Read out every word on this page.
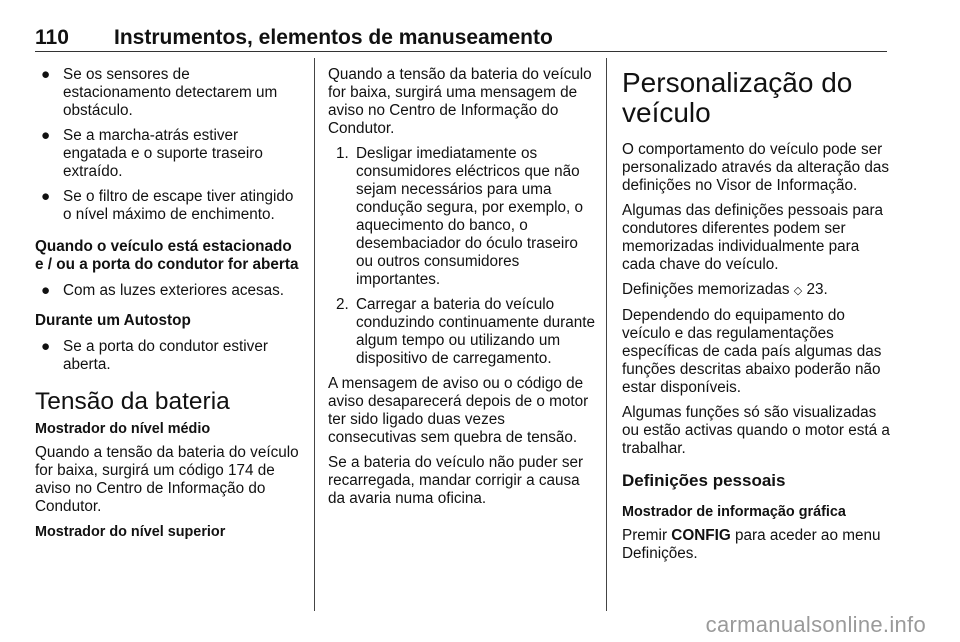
110 Instrumentos, elementos de manuseamento
● Se os sensores de estacionamento detectarem um obstáculo.
● Se a marcha-atrás estiver engatada e o suporte traseiro extraído.
● Se o filtro de escape tiver atingido o nível máximo de enchimento.
Quando o veículo está estacionado e / ou a porta do condutor for aberta
● Com as luzes exteriores acesas.
Durante um Autostop
● Se a porta do condutor estiver aberta.
Tensão da bateria
Mostrador do nível médio

Quando a tensão da bateria do veículo for baixa, surgirá um código 174 de aviso no Centro de Informação do Condutor.

Mostrador do nível superior

Quando a tensão da bateria do veículo for baixa, surgirá uma mensagem de aviso no Centro de Informação do Condutor.

1. Desligar imediatamente os consumidores eléctricos que não sejam necessários para uma condução segura, por exemplo, o aquecimento do banco, o desembaciador do óculo traseiro ou outros consumidores importantes.
2. Carregar a bateria do veículo conduzindo continuamente durante algum tempo ou utilizando um dispositivo de carregamento.

A mensagem de aviso ou o código de aviso desaparecerá depois de o motor ter sido ligado duas vezes consecutivas sem quebra de tensão.

Se a bateria do veículo não puder ser recarregada, mandar corrigir a causa da avaria numa oficina.

Personalização do veículo

O comportamento do veículo pode ser personalizado através da alteração das definições no Visor de Informação.

Algumas das definições pessoais para condutores diferentes podem ser memorizadas individualmente para cada chave do veículo.

Definições memorizadas ◇ 23.

Dependendo do equipamento do veículo e das regulamentações específicas de cada país algumas das funções descritas abaixo poderão não estar disponíveis.

Algumas funções só são visualizadas ou estão activas quando o motor está a trabalhar.

Definições pessoais
Mostrador de informação gráfica

Premir CONFIG para aceder ao menu Definições.

carmanualsonline.info
